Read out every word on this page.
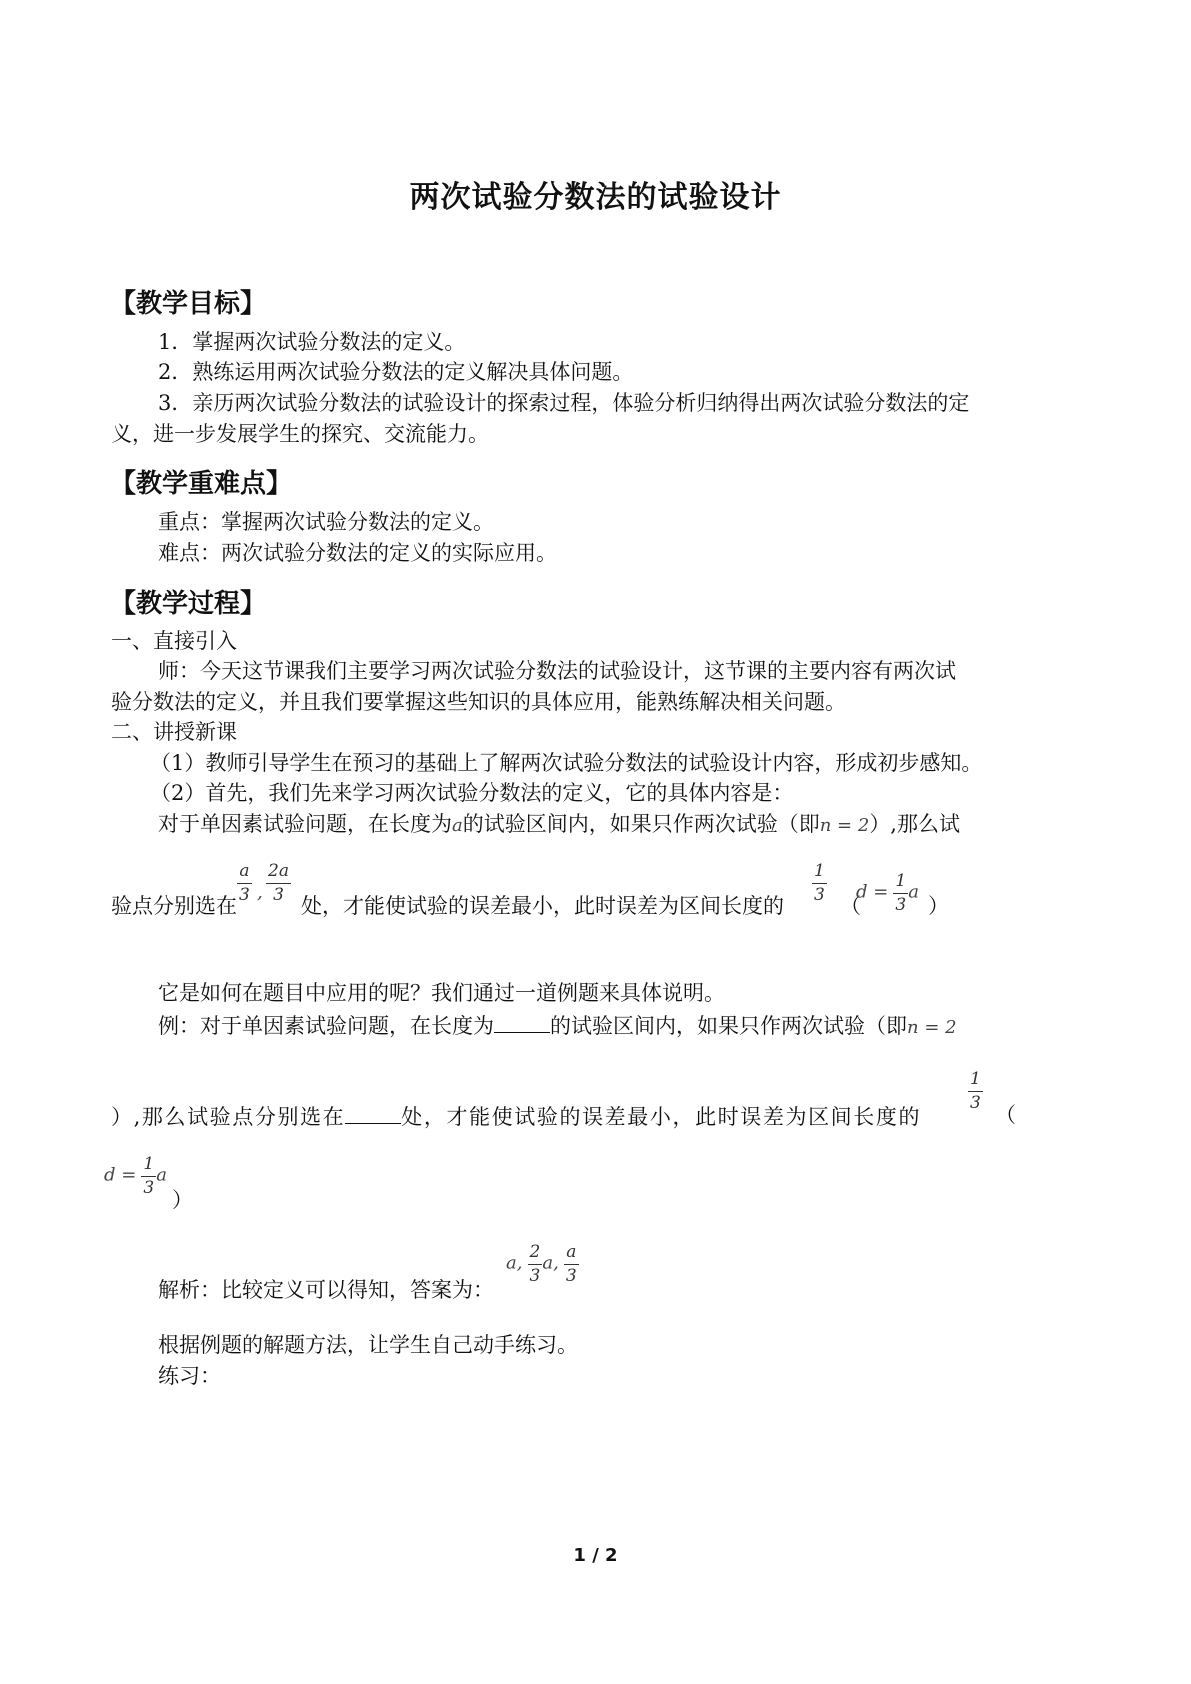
两次试验分数法的试验设计
【教学目标】
1．掌握两次试验分数法的定义。
2．熟练运用两次试验分数法的定义解决具体问题。
3．亲历两次试验分数法的试验设计的探索过程，体验分析归纳得出两次试验分数法的定
义，进一步发展学生的探究、交流能力。
【教学重难点】
重点：掌握两次试验分数法的定义。
难点：两次试验分数法的定义的实际应用。
【教学过程】
一、直接引入
师：今天这节课我们主要学习两次试验分数法的试验设计，这节课的主要内容有两次试
验分数法的定义，并且我们要掌握这些知识的具体应用，能熟练解决相关问题。
二、讲授新课
（1）教师引导学生在预习的基础上了解两次试验分数法的试验设计内容，形成初步感知。
（2）首先，我们先来学习两次试验分数法的定义，它的具体内容是：
对于单因素试验问题，在长度为a的试验区间内，如果只作两次试验（即n = 2）,那么试
验点分别选在
$\frac{a}{3}$ , $\frac{2a}{3}$
处，才能使试验的误差最小，此时误差为区间长度的
$\frac{1}{3}$
（
$d = \frac{1}{3}$ a
）
它是如何在题目中应用的呢？我们通过一道例题来具体说明。
例：对于单因素试验问题，在长度为	的试验区间内，如果只作两次试验（即n = 2
）,那么试验点分别选在	处，才能使试验的误差最小，此时误差为区间长度的
$\frac{1}{3}$
（
$d = \frac{1}{3}$ a
）
解析：比较定义可以得知，答案为：
a, $\frac{2}{3} a$, $\frac{a}{3}$
根据例题的解题方法，让学生自己动手练习。
练习：
1 / 2
